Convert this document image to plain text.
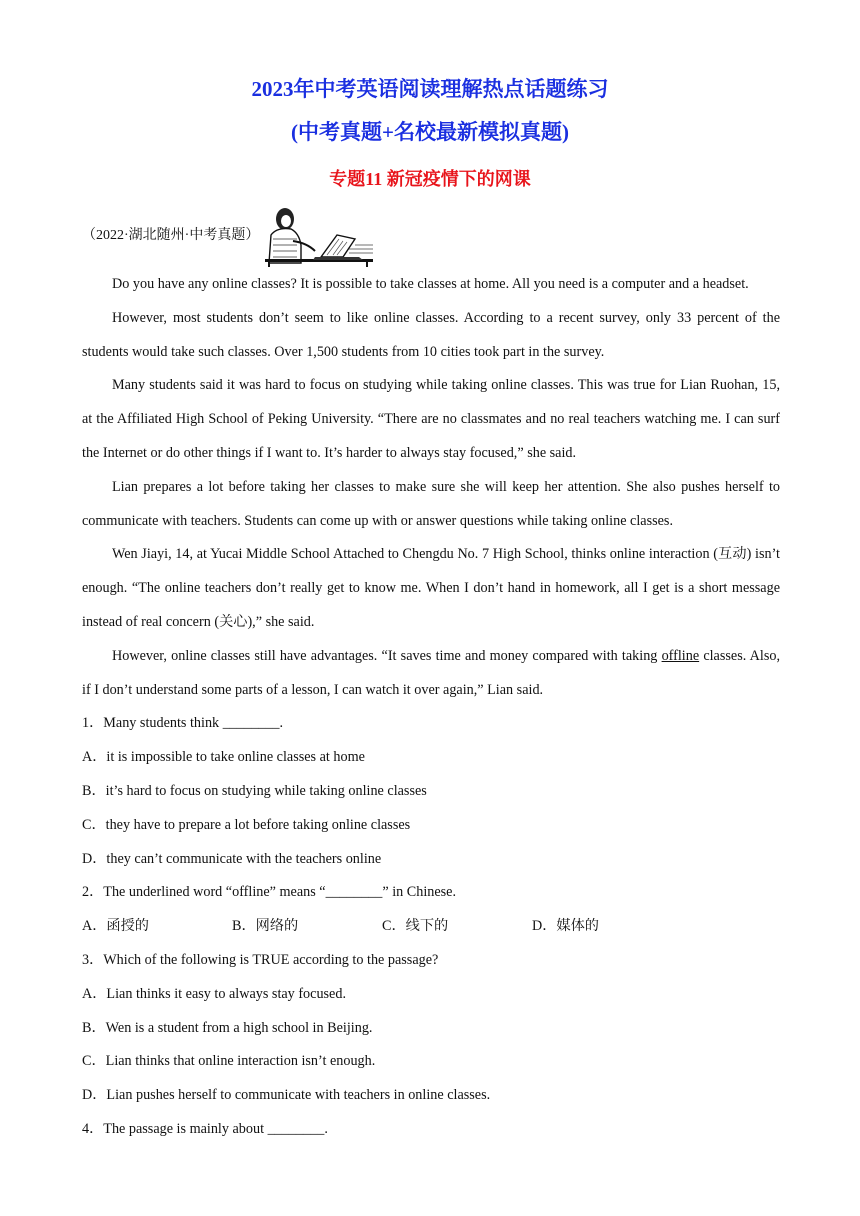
2023年中考英语阅读理解热点话题练习
(中考真题+名校最新模拟真题)
专题11 新冠疫情下的网课
（2022·湖北随州·中考真题）

Do you have any online classes? It is possible to take classes at home. All you need is a computer and a headset.

However, most students don’t seem to like online classes. According to a recent survey, only 33 percent of the students would take such classes. Over 1,500 students from 10 cities took part in the survey.

Many students said it was hard to focus on studying while taking online classes. This was true for Lian Ruohan, 15, at the Affiliated High School of Peking University. “There are no classmates and no real teachers watching me. I can surf the Internet or do other things if I want to. It’s harder to always stay focused,” she said.

Lian prepares a lot before taking her classes to make sure she will keep her attention. She also pushes herself to communicate with teachers. Students can come up with or answer questions while taking online classes.

Wen Jiayi, 14, at Yucai Middle School Attached to Chengdu No. 7 High School, thinks online interaction (互动) isn’t enough. “The online teachers don’t really get to know me. When I don’t hand in homework, all I get is a short message instead of real concern (关心),” she said.

However, online classes still have advantages. “It saves time and money compared with taking offline classes. Also, if I don’t understand some parts of a lesson, I can watch it over again,” Lian said.

1．Many students think ________.

A．it is impossible to take online classes at home

B．it’s hard to focus on studying while taking online classes

C．they have to prepare a lot before taking online classes

D．they can’t communicate with the teachers online

2．The underlined word “offline” means “________” in Chinese.

A．函授的	B．网络的	C．线下的	D．媒体的

3．Which of the following is TRUE according to the passage?

A．Lian thinks it easy to always stay focused.

B．Wen is a student from a high school in Beijing.

C．Lian thinks that online interaction isn’t enough.

D．Lian pushes herself to communicate with teachers in online classes.

4．The passage is mainly about ________.
